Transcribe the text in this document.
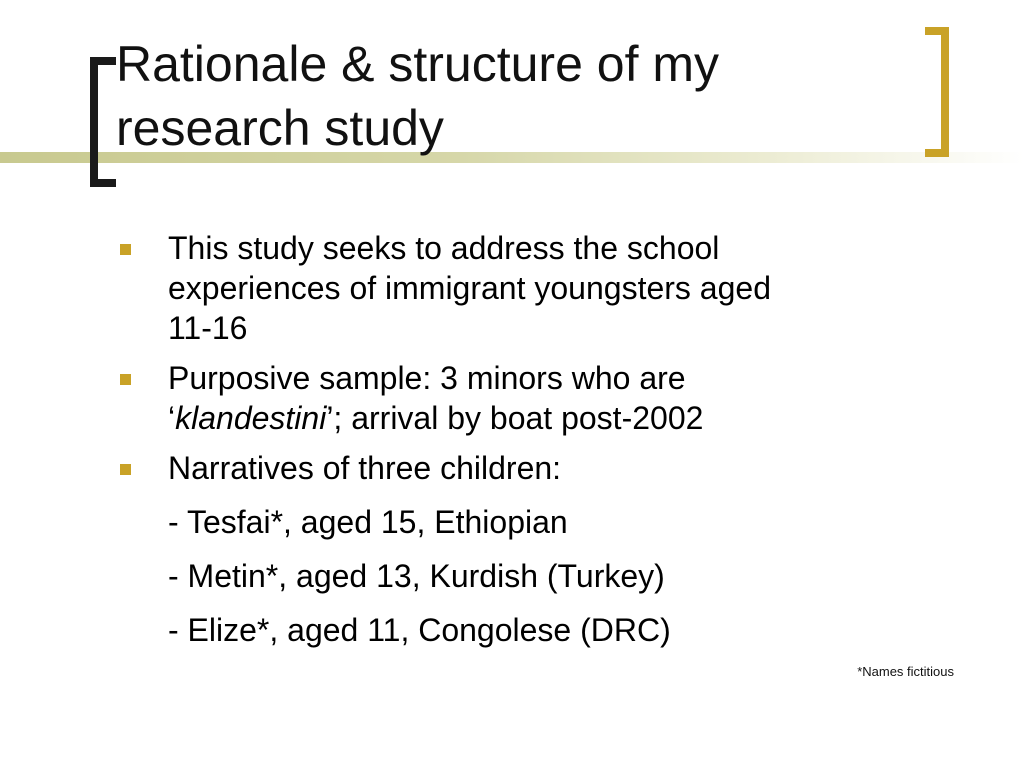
Rationale & structure of my
research study
This study seeks to address the school
experiences of immigrant youngsters aged
11-16
Purposive sample: 3 minors who are
‘klandestini’; arrival by boat post-2002
Narratives of three children:
- Tesfai*, aged 15, Ethiopian
- Metin*, aged 13, Kurdish (Turkey)
- Elize*, aged 11, Congolese (DRC)
*Names fictitious
